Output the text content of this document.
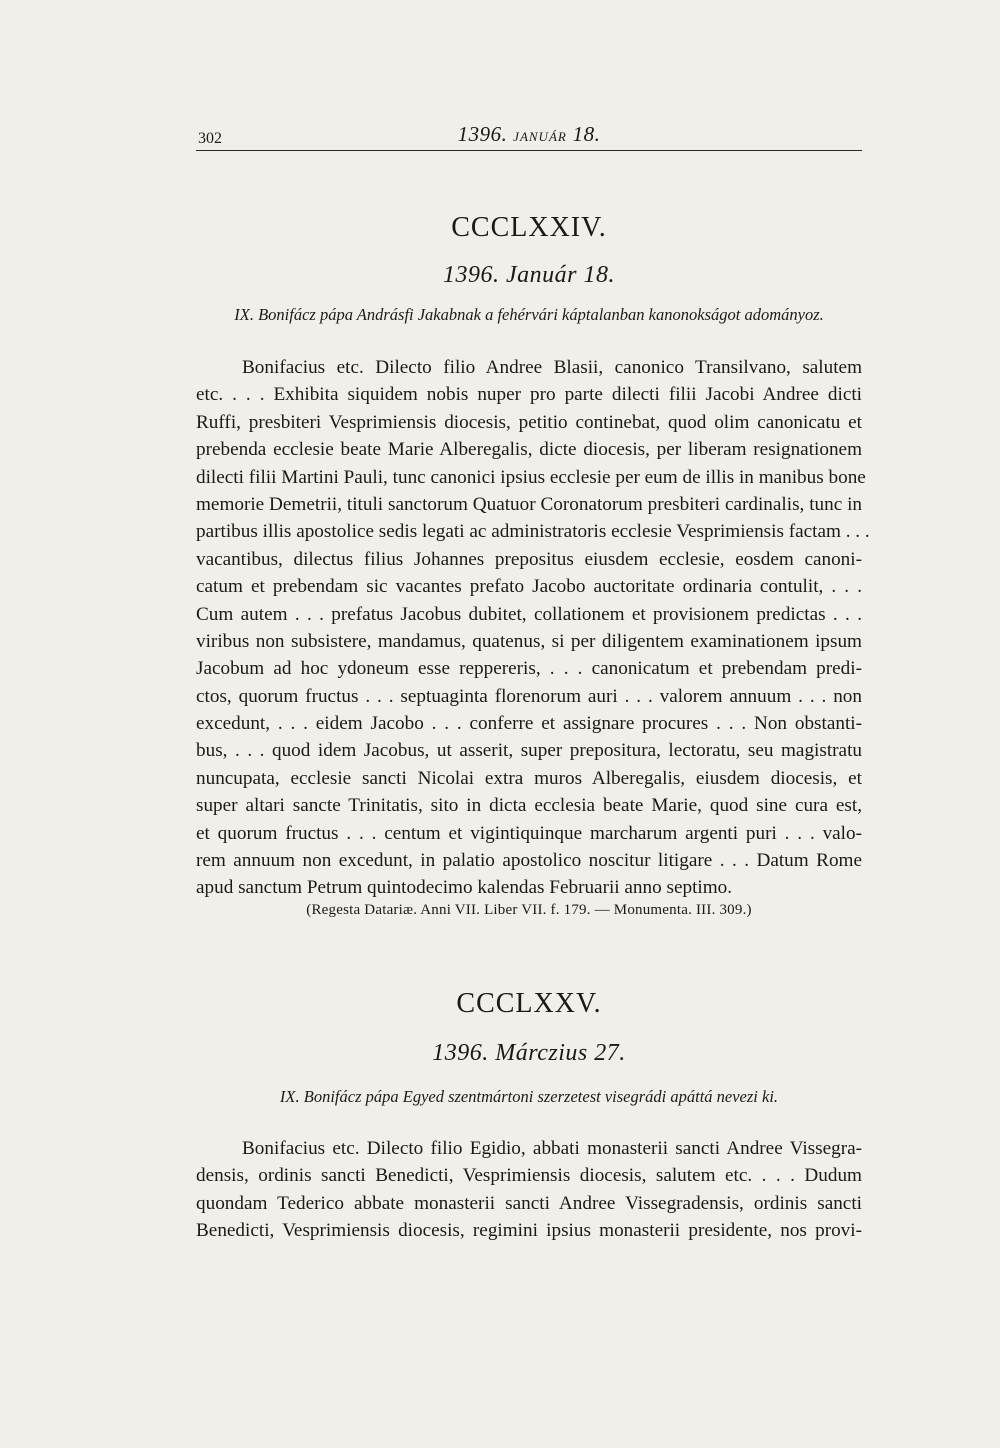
302	1396. JANUÁR 18.
CCCLXXIV.
1396. Január 18.
IX. Bonifácz pápa Andrásfi Jakabnak a fehérvári káptalanban kanonokságot adományoz.
Bonifacius etc. Dilecto filio Andree Blasii, canonico Transilvano, salutem
etc. . . . Exhibita siquidem nobis nuper pro parte dilecti filii Jacobi Andree dicti
Ruffi, presbiteri Vesprimiensis diocesis, petitio continebat, quod olim canonicatu et
prebenda ecclesie beate Marie Alberegalis, dicte diocesis, per liberam resignationem
dilecti filii Martini Pauli, tunc canonici ipsius ecclesie per eum de illis in manibus bone
memorie Demetrii, tituli sanctorum Quatuor Coronatorum presbiteri cardinalis, tunc in
partibus illis apostolice sedis legati ac administratoris ecclesie Vesprimiensis factam . . .
vacantibus, dilectus filius Johannes prepositus eiusdem ecclesie, eosdem canoni-
catum et prebendam sic vacantes prefato Jacobo auctoritate ordinaria contulit, . . .
Cum autem . . . prefatus Jacobus dubitet, collationem et provisionem predictas . . .
viribus non subsistere, mandamus, quatenus, si per diligentem examinationem ipsum
Jacobum ad hoc ydoneum esse reppereris, . . . canonicatum et prebendam predi-
ctos, quorum fructus . . . septuaginta florenorum auri . . . valorem annuum . . . non
excedunt, . . . eidem Jacobo . . . conferre et assignare procures . . . Non obstanti-
bus, . . . quod idem Jacobus, ut asserit, super prepositura, lectoratu, seu magistratu
nuncupata, ecclesie sancti Nicolai extra muros Alberegalis, eiusdem diocesis, et
super altari sancte Trinitatis, sito in dicta ecclesia beate Marie, quod sine cura est,
et quorum fructus . . . centum et vigintiquinque marcharum argenti puri . . . valo-
rem annuum non excedunt, in palatio apostolico noscitur litigare . . . Datum Rome
apud sanctum Petrum quintodecimo kalendas Februarii anno septimo.
(Regesta Datariæ. Anni VII. Liber VII. f. 179. — Monumenta. III. 309.)
CCCLXXV.
1396. Márczius 27.
IX. Bonifácz pápa Egyed szentmártoni szerzetest visegrádi apáttá nevezi ki.
Bonifacius etc. Dilecto filio Egidio, abbati monasterii sancti Andree Vissegra-
densis, ordinis sancti Benedicti, Vesprimiensis diocesis, salutem etc. . . . Dudum
quondam Tederico abbate monasterii sancti Andree Vissegradensis, ordinis sancti
Benedicti, Vesprimiensis diocesis, regimini ipsius monasterii presidente, nos provi-
